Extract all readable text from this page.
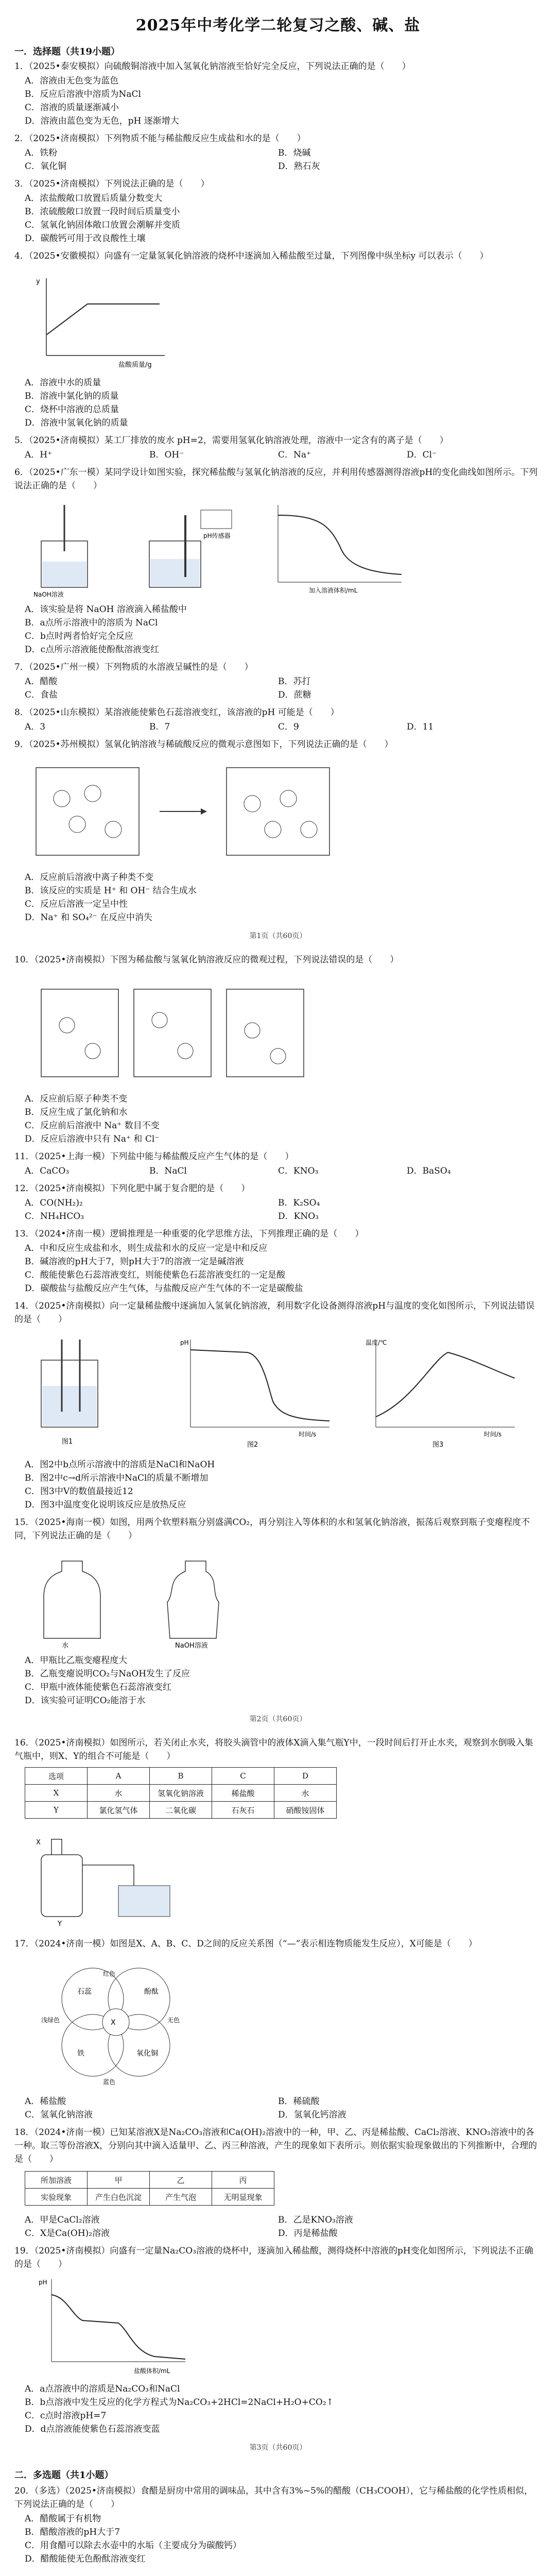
2025年中考化学二轮复习之酸、碱、盐
一．选择题（共19小题）
1．（2025•泰安模拟）向硫酸铜溶液中加入氢氧化钠溶液至恰好完全反应，下列说法正确的是（　　）
A．溶液由无色变为蓝色
B．反应后溶液中溶质为NaCl
C．溶液的质量逐渐减小
D．溶液由蓝色变为无色，pH 逐渐增大
2．（2025•济南模拟）下列物质不能与稀盐酸反应生成盐和水的是（　　）
A．铁粉	B．烧碱
C．氧化铜	D．熟石灰
3．（2025•济南模拟）下列说法正确的是（　　）
A．浓盐酸敞口放置后质量分数变大
B．浓硫酸敞口放置一段时间后质量变小
C．氢氧化钠固体敞口放置会潮解并变质
D．碳酸钙可用于改良酸性土壤
4．（2025•安徽模拟）向盛有一定量氢氧化钠溶液的烧杯中逐滴加入稀盐酸至过量，下列图像中纵坐标y 可以表示（　　）
y
盐酸质量/g
A．溶液中水的质量
B．溶液中氯化钠的质量
C．烧杯中溶液的总质量
D．溶液中氢氧化钠的质量
5．（2025•济南模拟）某工厂排放的废水 pH=2，需要用氢氧化钠溶液处理，溶液中一定含有的离子是（　　）
A．H⁺	B．OH⁻	C．Na⁺	D．Cl⁻
6．（2025•广东一模）某同学设计如图实验，探究稀盐酸与氢氧化钠溶液的反应，并利用传感器测得溶液pH的变化曲线如图所示。下列说法正确的是（　　）
NaOH溶液
pH传感器
加入溶液体积/mL
A．该实验是将 NaOH 溶液滴入稀盐酸中
B．a点所示溶液中的溶质为 NaCl
C．b点时两者恰好完全反应
D．c点所示溶液能使酚酞溶液变红
7．（2025•广州一模）下列物质的水溶液呈碱性的是（　　）
A．醋酸	B．苏打
C．食盐	D．蔗糖
8．（2025•山东模拟）某溶液能使紫色石蕊溶液变红，该溶液的pH 可能是（　　）
A．3	B．7	C．9	D．11
9．（2025•苏州模拟）氢氧化钠溶液与稀硫酸反应的微观示意图如下，下列说法正确的是（　　）
A．反应前后溶液中离子种类不变
B．该反应的实质是 H⁺ 和 OH⁻ 结合生成水
C．反应后溶液一定呈中性
D．Na⁺ 和 SO₄²⁻ 在反应中消失
第1页（共60页）
10．（2025•济南模拟）下图为稀盐酸与氢氧化钠溶液反应的微观过程，下列说法错误的是（　　）
A．反应前后原子种类不变
B．反应生成了氯化钠和水
C．反应前后溶液中 Na⁺ 数目不变
D．反应后溶液中只有 Na⁺ 和 Cl⁻
11．（2025•上海一模）下列盐中能与稀盐酸反应产生气体的是（　　）
A．CaCO₃	B．NaCl	C．KNO₃	D．BaSO₄
12．（2025•济南模拟）下列化肥中属于复合肥的是（　　）
A．CO(NH₂)₂	B．K₂SO₄
C．NH₄HCO₃	D．KNO₃
13．（2024•济南一模）逻辑推理是一种重要的化学思维方法，下列推理正确的是（　　）
A．中和反应生成盐和水，则生成盐和水的反应一定是中和反应
B．碱溶液的pH大于7，则pH大于7的溶液一定是碱溶液
C．酸能使紫色石蕊溶液变红，则能使紫色石蕊溶液变红的一定是酸
D．碳酸盐与盐酸反应产生气体，与盐酸反应产生气体的不一定是碳酸盐
14．（2025•济南模拟）向一定量稀盐酸中逐滴加入氢氧化钠溶液，利用数字化设备测得溶液pH与温度的变化如图所示，下列说法错误的是（　　）
图1
pH
时间/s
图2
温度/℃
时间/s
图3
A．图2中b点所示溶液中的溶质是NaCl和NaOH
B．图2中c→d所示溶液中NaCl的质量不断增加
C．图3中V的数值最接近12
D．图3中温度变化说明该反应是放热反应
15．（2025•海南一模）如图，用两个软塑料瓶分别盛满CO₂，再分别注入等体积的水和氢氧化钠溶液，振荡后观察到瓶子变瘪程度不同，下列说法正确的是（　　）
水	NaOH溶液
A．甲瓶比乙瓶变瘪程度大
B．乙瓶变瘪说明CO₂与NaOH发生了反应
C．甲瓶中液体能使紫色石蕊溶液变红
D．该实验可证明CO₂能溶于水
第2页（共60页）
16．（2025•济南模拟）如图所示，若关闭止水夹，将胶头滴管中的液体X滴入集气瓶Y中，一段时间后打开止水夹，观察到水倒吸入集气瓶中，则X、Y的组合不可能是（　　）
选项	A	B	C	D
X	水	氢氧化钠溶液	稀盐酸	水
Y	氯化氢气体	二氧化碳	石灰石	硝酸铵固体
X
Y
17．（2024•济南一模）如图是X、A、B、C、D之间的反应关系图（“—”表示相连物质能发生反应），X可能是（　　）
石蕊
X
酚酞
铁	氧化铜
红色
无色
浅绿色
蓝色
A．稀盐酸	B．稀硫酸
C．氢氧化钠溶液	D．氢氧化钙溶液
18．（2024•济南一模）已知某溶液X是Na₂CO₃溶液和Ca(OH)₂溶液中的一种，甲、乙、丙是稀盐酸、CaCl₂溶液、KNO₃溶液中的各一种。取三等份溶液X，分别向其中滴入适量甲、乙、丙三种溶液，产生的现象如下表所示。则依据实验现象做出的下列推断中，合理的是（　　）
所加溶液	甲	乙	丙
实验现象	产生白色沉淀	产生气泡	无明显现象
A．甲是CaCl₂溶液	B．乙是KNO₃溶液
C．X是Ca(OH)₂溶液	D．丙是稀盐酸
19．（2025•济南模拟）向盛有一定量Na₂CO₃溶液的烧杯中，逐滴加入稀盐酸，测得烧杯中溶液的pH变化如图所示，下列说法不正确的是（　　）
pH
盐酸体积/mL
A．a点溶液中的溶质是Na₂CO₃和NaCl
B．b点溶液中发生反应的化学方程式为Na₂CO₃+2HCl=2NaCl+H₂O+CO₂↑
C．c点时溶液pH=7
D．d点溶液能使紫色石蕊溶液变蓝
第3页（共60页）
二．多选题（共1小题）
20．（多选）（2025•济南模拟）食醋是厨房中常用的调味品，其中含有3%~5%的醋酸（CH₃COOH），它与稀盐酸的化学性质相似，下列说法正确的是（　　）
A．醋酸属于有机物
B．醋酸溶液的pH大于7
C．用食醋可以除去水壶中的水垢（主要成分为碳酸钙）
D．醋酸能使无色酚酞溶液变红
